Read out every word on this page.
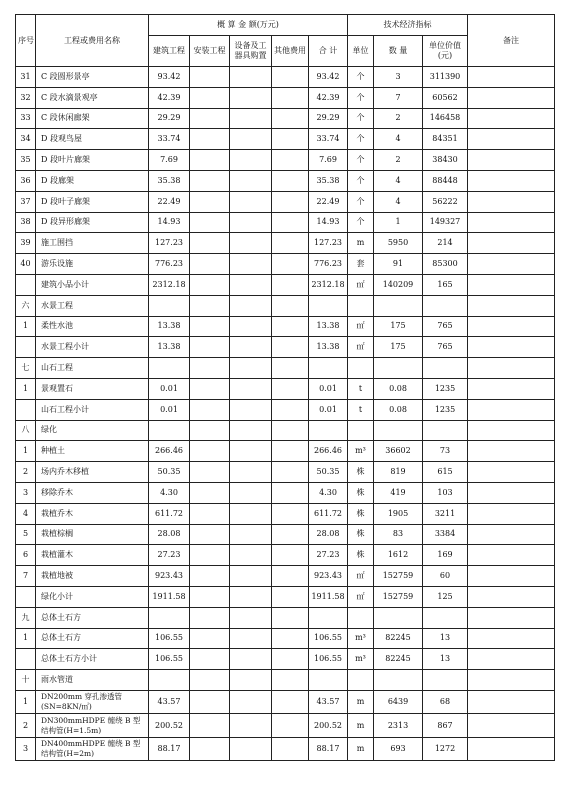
序号	工程或费用名称	概 算 金 额(万元)					技术经济指标			备注
		建筑工程	安装工程	设备及工器具购置	其他费用	合 计	单位	数 量	单位价值(元)	
31	C 段圆形景亭	93.42				93.42	个	3	311390	
32	C 段水滴景观亭	42.39				42.39	个	7	60562	
33	C 段休闲廊架	29.29				29.29	个	2	146458	
34	D 段观鸟屋	33.74				33.74	个	4	84351	
35	D 段叶片廊架	7.69				7.69	个	2	38430	
36	D 段廊架	35.38				35.38	个	4	88448	
37	D 段叶子廊架	22.49				22.49	个	4	56222	
38	D 段异形廊架	14.93				14.93	个	1	149327	
39	施工围挡	127.23				127.23	m	5950	214	
40	游乐设施	776.23				776.23	套	91	85300	
	建筑小品小计	2312.18				2312.18	㎡	140209	165	
六	水景工程									
1	柔性水池	13.38				13.38	㎡	175	765	
	水景工程小计	13.38				13.38	㎡	175	765	
七	山石工程									
1	景观置石	0.01				0.01	t	0.08	1235	
	山石工程小计	0.01				0.01	t	0.08	1235	
八	绿化									
1	种植土	266.46				266.46	m³	36602	73	
2	场内乔木移植	50.35				50.35	株	819	615	
3	移除乔木	4.30				4.30	株	419	103	
4	栽植乔木	611.72				611.72	株	1905	3211	
5	栽植棕榈	28.08				28.08	株	83	3384	
6	栽植灌木	27.23				27.23	株	1612	169	
7	栽植地被	923.43				923.43	㎡	152759	60	
	绿化小计	1911.58				1911.58	㎡	152759	125	
九	总体土石方									
1	总体土石方	106.55				106.55	m³	82245	13	
	总体土石方小计	106.55				106.55	m³	82245	13	
十	雨水管道									
1	DN200mm 穿孔渗透管(SN=8KN/㎡)	43.57				43.57	m	6439	68	
2	DN300mmHDPE 缠绕 B 型结构管(H=1.5m)	200.52				200.52	m	2313	867	
3	DN400mmHDPE 缠绕 B 型结构管(H=2m)	88.17				88.17	m	693	1272	
